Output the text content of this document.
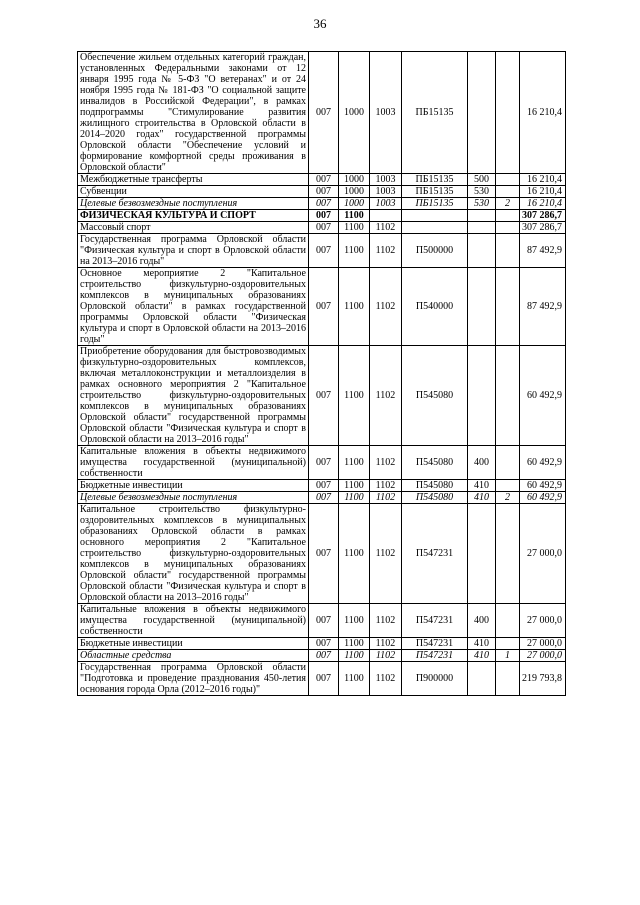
36
Обеспечение жильем отдельных категорий граждан, установленных Федеральными законами от 12 января 1995 года № 5-ФЗ "О ветеранах" и от 24 ноября 1995 года № 181-ФЗ "О социальной защите инвалидов в Российской Федерации", в рамках подпрограммы "Стимулирование развития жилищного строительства в Орловской области в 2014–2020 годах" государственной программы Орловской области "Обеспечение условий и формирование комфортной среды проживания в Орловской области"	007	1000	1003	ПБ15135			16 210,4
Межбюджетные трансферты	007	1000	1003	ПБ15135	500		16 210,4
Субвенции	007	1000	1003	ПБ15135	530		16 210,4
Целевые безвозмездные поступления	007	1000	1003	ПБ15135	530	2	16 210,4
ФИЗИЧЕСКАЯ КУЛЬТУРА И СПОРТ	007	1100					307 286,7
Массовый спорт	007	1100	1102				307 286,7
Государственная программа Орловской области "Физическая культура и спорт в Орловской области на 2013–2016 годы"	007	1100	1102	П500000			87 492,9
Основное мероприятие 2 "Капитальное строительство физкультурно-оздоровительных комплексов в муниципальных образованиях Орловской области" в рамках государственной программы Орловской области "Физическая культура и спорт в Орловской области на 2013–2016 годы"	007	1100	1102	П540000			87 492,9
Приобретение оборудования для быстровозводимых физкультурно-оздоровительных комплексов, включая металлоконструкции и металлоизделия в рамках основного мероприятия 2 "Капитальное строительство физкультурно-оздоровительных комплексов в муниципальных образованиях Орловской области" государственной программы Орловской области "Физическая культура и спорт в Орловской области на 2013–2016 годы"	007	1100	1102	П545080			60 492,9
Капитальные вложения в объекты недвижимого имущества государственной (муниципальной) собственности	007	1100	1102	П545080	400		60 492,9
Бюджетные инвестиции	007	1100	1102	П545080	410		60 492,9
Целевые безвозмездные поступления	007	1100	1102	П545080	410	2	60 492,9
Капитальное строительство физкультурно-оздоровительных комплексов в муниципальных образованиях Орловской области в рамках основного мероприятия 2 "Капитальное строительство физкультурно-оздоровительных комплексов в муниципальных образованиях Орловской области" государственной программы Орловской области "Физическая культура и спорт в Орловской области на 2013–2016 годы"	007	1100	1102	П547231			27 000,0
Капитальные вложения в объекты недвижимого имущества государственной (муниципальной) собственности	007	1100	1102	П547231	400		27 000,0
Бюджетные инвестиции	007	1100	1102	П547231	410		27 000,0
Областные средства	007	1100	1102	П547231	410	1	27 000,0
Государственная программа Орловской области "Подготовка и проведение празднования 450-летия основания города Орла (2012–2016 годы)"	007	1100	1102	П900000			219 793,8
